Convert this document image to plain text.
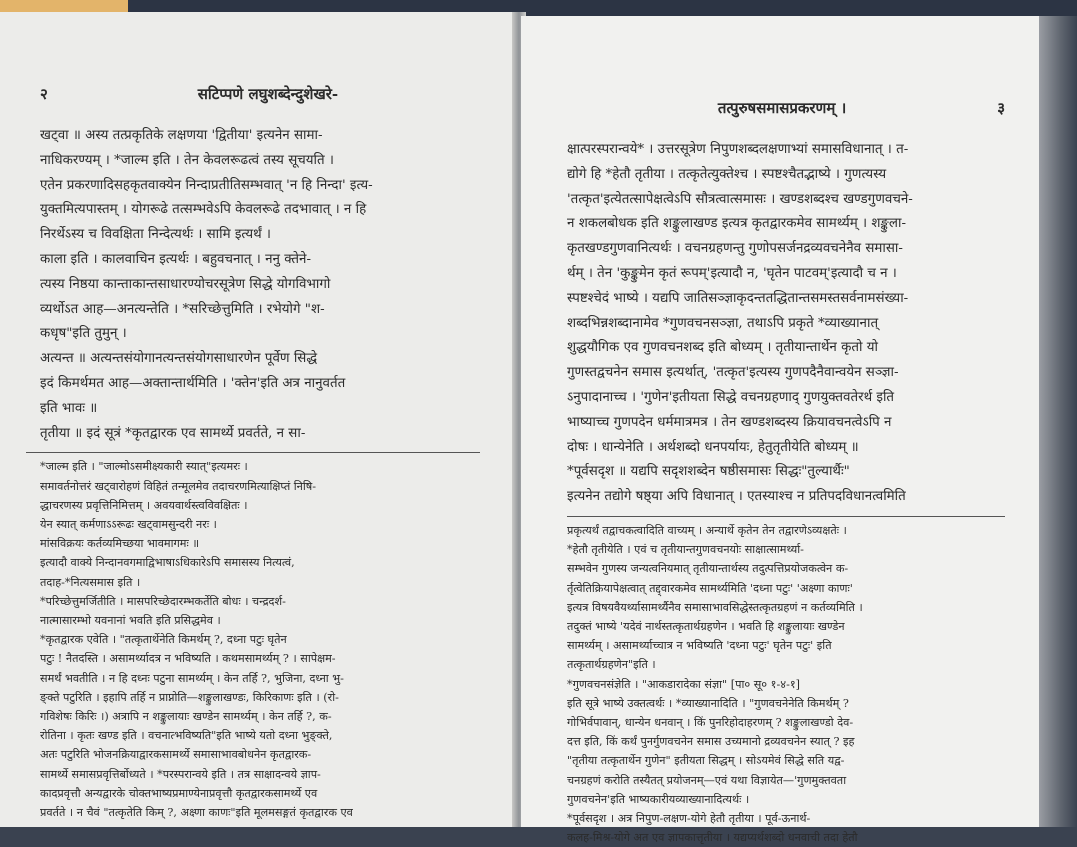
२	सटिप्पणे लघुशब्देन्दुशेखरे-

खट्वा ॥ अस्य तत्प्रकृतिके लक्षणया 'द्वितीया' इत्यनेन सामा-
नाधिकरण्यम् । *जाल्म इति । तेन केवलरूढत्वं तस्य सूचयति ।
एतेन प्रकरणादिसहकृतवाक्येन निन्दाप्रतीतिसम्भवात् 'न हि निन्दा' इत्य-
युक्तमित्यपास्तम् । योगरूढे तत्सम्भवेऽपि केवलरूढे तदभावात् । न हि
निरर्थेऽस्य च विवक्षिता निन्देत्यर्थः । सामि इत्यर्थं ।
काला इति । कालवाचिन इत्यर्थः । बहुवचनात् । ननु क्तेने-
त्यस्य निष्ठया कान्ताकान्तसाधारण्योचरसूत्रेण सिद्धे योगविभागो
व्यर्थोऽत आह—अनत्यन्तेति । *सरिच्छेत्तुमिति । रभेयोगे "श-
कधृष"इति तुमुन् ।
अत्यन्त ॥ अत्यन्तसंयोगानत्यन्तसंयोगसाधारणेन पूर्वेण सिद्धे
इदं किमर्थमत आह—अक्तान्तार्थमिति । 'क्तेन'इति अत्र नानुवर्तत
इति भावः ॥
तृतीया ॥ इदं सूत्रं *कृतद्वारक एव सामर्थ्ये प्रवर्तते, न सा-

*जाल्म इति । "जाल्मोऽसमीक्ष्यकारी स्यात्"इत्यमरः ।
समावर्तनोत्तरं खट्वारोहणं विहितं तन्मूलमेव तदाचरणमित्याक्षिप्तं निषि-
द्धाचरणस्य प्रवृत्तिनिमित्तम् । अवयवार्थस्त्वविवक्षितः ।
येन स्यात् कर्मणाऽऽरूढः खट्वामसुन्दरी नरः ।
मांसविक्रयः कर्तव्यमिच्छया भावमागमः ॥
इत्यादौ वाक्ये निन्दानवगमाद्विभाषाऽधिकारेऽपि समासस्य नित्यत्वं,
तदाह-*नित्यसमास इति ।
*परिच्छेत्तुमर्जितीति । मासपरिच्छेदारम्भकर्तेति बोधः । चन्द्रदर्श-
नात्मासारम्भो यवनानां भवति इति प्रसिद्धमेव ।
*कृतद्वारक एवेति । "तत्कृतार्थेनेति किमर्थम् ?, दध्ना पटुः घृतेन
पटुः ! नैतदस्ति । असामर्थ्यादत्र न भविष्यति । कथमसामर्थ्यम् ? । सापेक्षम-
समर्थं भवतीति । न हि दध्नः पटुना सामर्थ्यम् । केन तर्हि ?, भुजिना, दध्ना भु-
ङ्क्ते पटुरिति । इहापि तर्हि न प्राप्नोति—शङ्कुलाखण्डः, किरिकाणः इति । (रो-
गविशेषः किरिः ।) अत्रापि न शङ्कुलायाः खण्डेन सामर्थ्यम् । केन तर्हि ?, क-
रोतिना । कृतः खण्ड इति । वचनात्भविष्यति"इति भाष्ये यतो दध्ना भुङ्क्ते,
अतः पटुरिति भोजनक्रियाद्वारकसामर्थ्ये समासाभावबोधनेन कृतद्वारक-
सामर्थ्ये समासप्रवृत्तिर्बोध्यते । *परस्परान्वये इति । तत्र साक्षादन्वये ज्ञाप-
कादप्रवृत्तौ अन्यद्वारके चोक्तभाष्यप्रमाण्येनाप्रवृत्तौ कृतद्वारकसामर्थ्ये एव
प्रवर्तते । न चैवं "तत्कृतेति किम् ?, अक्ष्णा काणः"इति मूलमसङ्गतं कृतद्वारक एव

तत्पुरुषसमासप्रकरणम् ।	३

क्षात्परस्परान्वये* । उत्तरसूत्रेण निपुणशब्दलक्षणाभ्यां समासविधानात् । त-
द्योगे हि *हेतौ तृतीया । तत्कृतेत्युक्तेश्च । स्पष्टश्चैतद्भाष्ये । गुणत्यस्य
'तत्कृत'इत्येतत्सापेक्षत्वेऽपि सौत्रत्वात्समासः । खण्डशब्दश्च खण्डगुणवचने-
न शकलबोधक इति शङ्कुलाखण्ड इत्यत्र कृतद्वारकमेव सामर्थ्यम् । शङ्कुला-
कृतखण्डगुणवानित्यर्थः । वचनग्रहणन्तु गुणोपसर्जनद्रव्यवचनेनैव समासा-
र्थम् । तेन 'कुङ्कुमेन कृतं रूपम्'इत्यादौ न, 'घृतेन पाटवम्'इत्यादौ च न ।
स्पष्टश्चेदं भाष्ये । यद्यपि जातिसञ्ज्ञाकृदन्ततद्धितान्तसमस्तसर्वनामसंख्या-
शब्दभिन्नशब्दानामेव *गुणवचनसञ्ज्ञा, तथाऽपि प्रकृते *व्याख्यानात्
शुद्धयौगिक एव गुणवचनशब्द इति बोध्यम् । तृतीयान्तार्थेन कृतो यो
गुणस्तद्वचनेन समास इत्यर्थात्, 'तत्कृत'इत्यस्य गुणपदैनैवान्वयेन सञ्ज्ञा-
ऽनुपादानाच्च । 'गुणेन'इतीयता सिद्धे वचनग्रहणाद् गुणयुक्तवतेरर्थ इति
भाष्याच्च गुणपदेन धर्ममात्रमत्र । तेन खण्डशब्दस्य क्रियावचनत्वेऽपि न
दोषः । धान्येनेति । अर्थशब्दो धनपर्यायः, हेतुतृतीयेति बोध्यम् ॥
*पूर्वसदृश ॥ यद्यपि सदृशशब्देन षष्ठीसमासः सिद्धः"तुल्यार्थैः"
इत्यनेन तद्योगे षष्ठ्या अपि विधानात् । एतस्याश्च न प्रतिपदविधानत्वमिति

प्रकृत्यर्थं तद्वाचकत्वादिति वाच्यम् । अन्यार्थे कृतेन तेन तद्वारणेऽव्यक्षतेः ।
*हेतौ तृतीयेति । एवं च तृतीयान्तगुणवचनयोः साक्षात्सामर्थ्या-
सम्भवेन गुणस्य जन्यत्वनियमात् तृतीयान्तार्थस्य तदुत्पत्तिप्रयोजकत्वेन क-
र्तृत्वेतिक्रियापेक्षत्वात् तद्द्वारकमेव सामर्थ्यमिति 'दध्ना पटुः' 'अक्ष्णा काणः'
इत्यत्र विषयवैयर्थ्यासामर्थ्यैनैव समासाभावसिद्धेस्तत्कृतग्रहणं न कर्तव्यमिति ।
तदुक्तं भाष्ये 'यदेवं नार्थस्तत्कृतार्थग्रहणेन । भवति हि शङ्कुलायाः खण्डेन
सामर्थ्यम् । असामर्थ्याच्चात्र न भविष्यति 'दध्ना पटुः' घृतेन पटुः' इति
तत्कृतार्थग्रहणेन"इति ।
*गुणवचनसंज्ञेति । "आकडारादेका संज्ञा" [पा० सू० १-४-१]
इति सूत्रे भाष्ये उक्तत्वर्थः । *व्याख्यानादिति । "गुणवचनेनेति किमर्थम् ?
गोभिर्वपावान्, धान्येन धनवान् । किं पुनरिहोदाहरणम् ? शङ्कुलाखण्डो देव-
दत्त इति, किं कर्थं पुनर्गुणवचनेन समास उच्यमानो द्रव्यवचनेन स्यात् ? इह
"तृतीया तत्कृतार्थेन गुणेन" इतीयता सिद्धम् । सोऽयमेवं सिद्धे सति यद्व-
चनग्रहणं करोति तस्यैतत् प्रयोजनम्—एवं यथा विज्ञायेत—'गुणमुक्तवता
गुणवचनेन'इति भाष्यकारीयव्याख्यानादित्यर्थः ।
*पूर्वसदृश । अत्र निपुण-लक्षण-योगे हेतौ तृतीया । पूर्व-ऊनार्थ-
कलह-मिश्र-योगे अत एव ज्ञापकात्तृतीया । यद्यप्यर्थशब्दो धनवाची तदा हेतौ
